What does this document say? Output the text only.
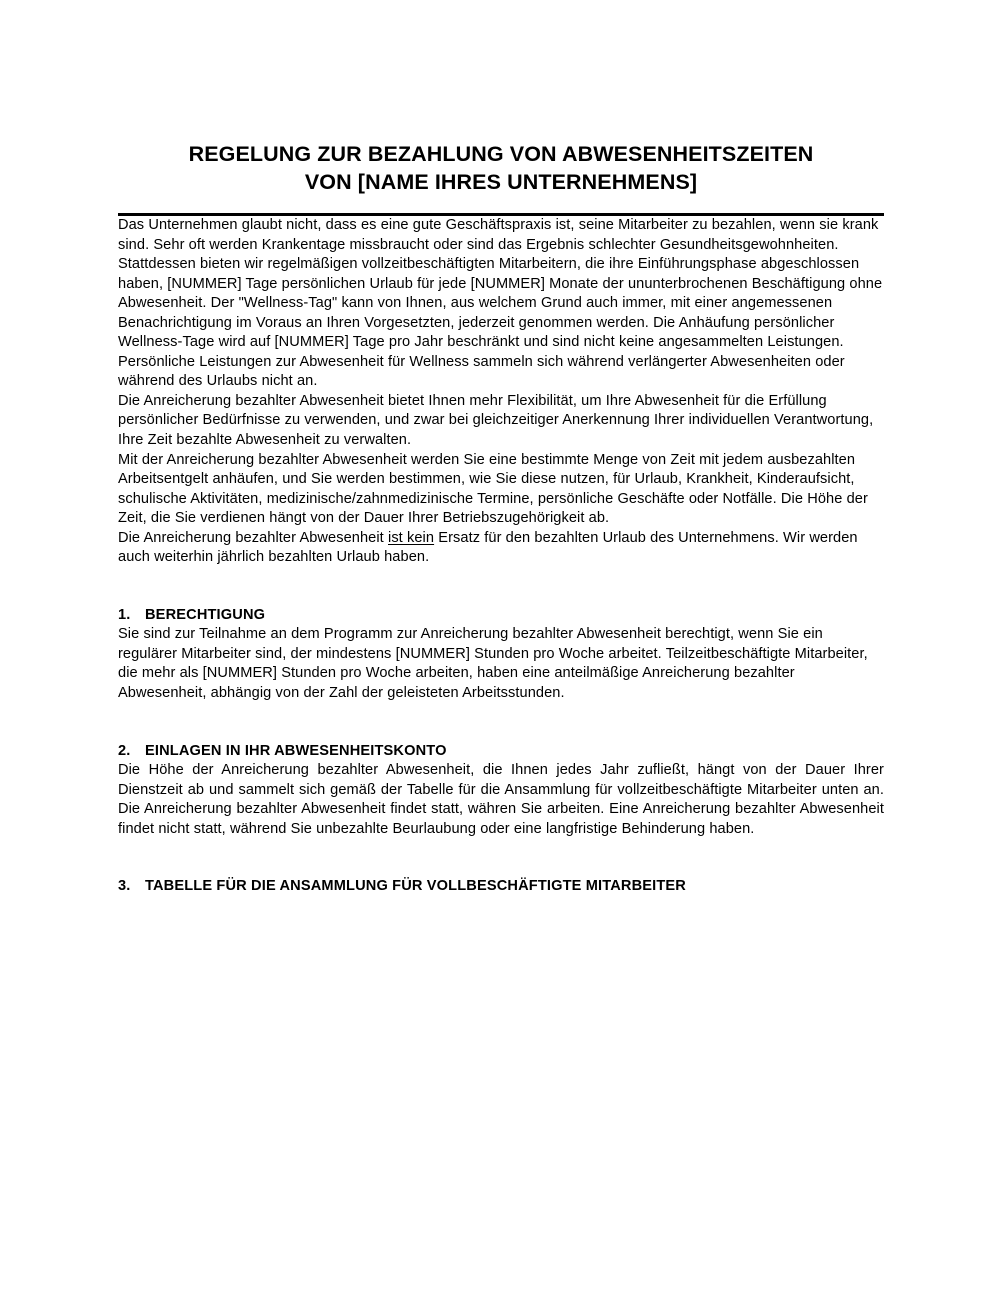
REGELUNG ZUR BEZAHLUNG VON ABWESENHEITSZEITEN
VON [NAME IHRES UNTERNEHMENS]

Das Unternehmen glaubt nicht, dass es eine gute Geschäftspraxis ist, seine Mitarbeiter zu bezahlen, wenn sie krank sind. Sehr oft werden Krankentage missbraucht oder sind das Ergebnis schlechter Gesundheitsgewohnheiten. Stattdessen bieten wir regelmäßigen vollzeitbeschäftigten Mitarbeitern, die ihre Einführungsphase abgeschlossen haben, [NUMMER] Tage persönlichen Urlaub für jede [NUMMER] Monate der ununterbrochenen Beschäftigung ohne Abwesenheit. Der "Wellness-Tag" kann von Ihnen, aus welchem Grund auch immer, mit einer angemessenen Benachrichtigung im Voraus an Ihren Vorgesetzten, jederzeit genommen werden. Die Anhäufung persönlicher Wellness-Tage wird auf [NUMMER] Tage pro Jahr beschränkt und sind nicht keine angesammelten Leistungen. Persönliche Leistungen zur Abwesenheit für Wellness sammeln sich während verlängerter Abwesenheiten oder während des Urlaubs nicht an.

Die Anreicherung bezahlter Abwesenheit bietet Ihnen mehr Flexibilität, um Ihre Abwesenheit für die Erfüllung persönlicher Bedürfnisse zu verwenden, und zwar bei gleichzeitiger Anerkennung Ihrer individuellen Verantwortung, Ihre Zeit bezahlte Abwesenheit zu verwalten.

Mit der Anreicherung bezahlter Abwesenheit werden Sie eine bestimmte Menge von Zeit mit jedem ausbezahlten Arbeitsentgelt anhäufen, und Sie werden bestimmen, wie Sie diese nutzen, für Urlaub, Krankheit, Kinderaufsicht, schulische Aktivitäten, medizinische/zahnmedizinische Termine, persönliche Geschäfte oder Notfälle. Die Höhe der Zeit, die Sie verdienen hängt von der Dauer Ihrer Betriebszugehörigkeit ab.

Die Anreicherung bezahlter Abwesenheit ist kein Ersatz für den bezahlten Urlaub des Unternehmens. Wir werden auch weiterhin jährlich bezahlten Urlaub haben.

1. BERECHTIGUNG

Sie sind zur Teilnahme an dem Programm zur Anreicherung bezahlter Abwesenheit berechtigt, wenn Sie ein regulärer Mitarbeiter sind, der mindestens [NUMMER] Stunden pro Woche arbeitet. Teilzeitbeschäftigte Mitarbeiter, die mehr als [NUMMER] Stunden pro Woche arbeiten, haben eine anteilmäßige Anreicherung bezahlter Abwesenheit, abhängig von der Zahl der geleisteten Arbeitsstunden.

2. EINLAGEN IN IHR ABWESENHEITSKONTO

Die Höhe der Anreicherung bezahlter Abwesenheit, die Ihnen jedes Jahr zufließt, hängt von der Dauer Ihrer Dienstzeit ab und sammelt sich gemäß der Tabelle für die Ansammlung für vollzeitbeschäftigte Mitarbeiter unten an. Die Anreicherung bezahlter Abwesenheit findet statt, währen Sie arbeiten. Eine Anreicherung bezahlter Abwesenheit findet nicht statt, während Sie unbezahlte Beurlaubung oder eine langfristige Behinderung haben.

3. TABELLE FÜR DIE ANSAMMLUNG FÜR VOLLBESCHÄFTIGTE MITARBEITER
